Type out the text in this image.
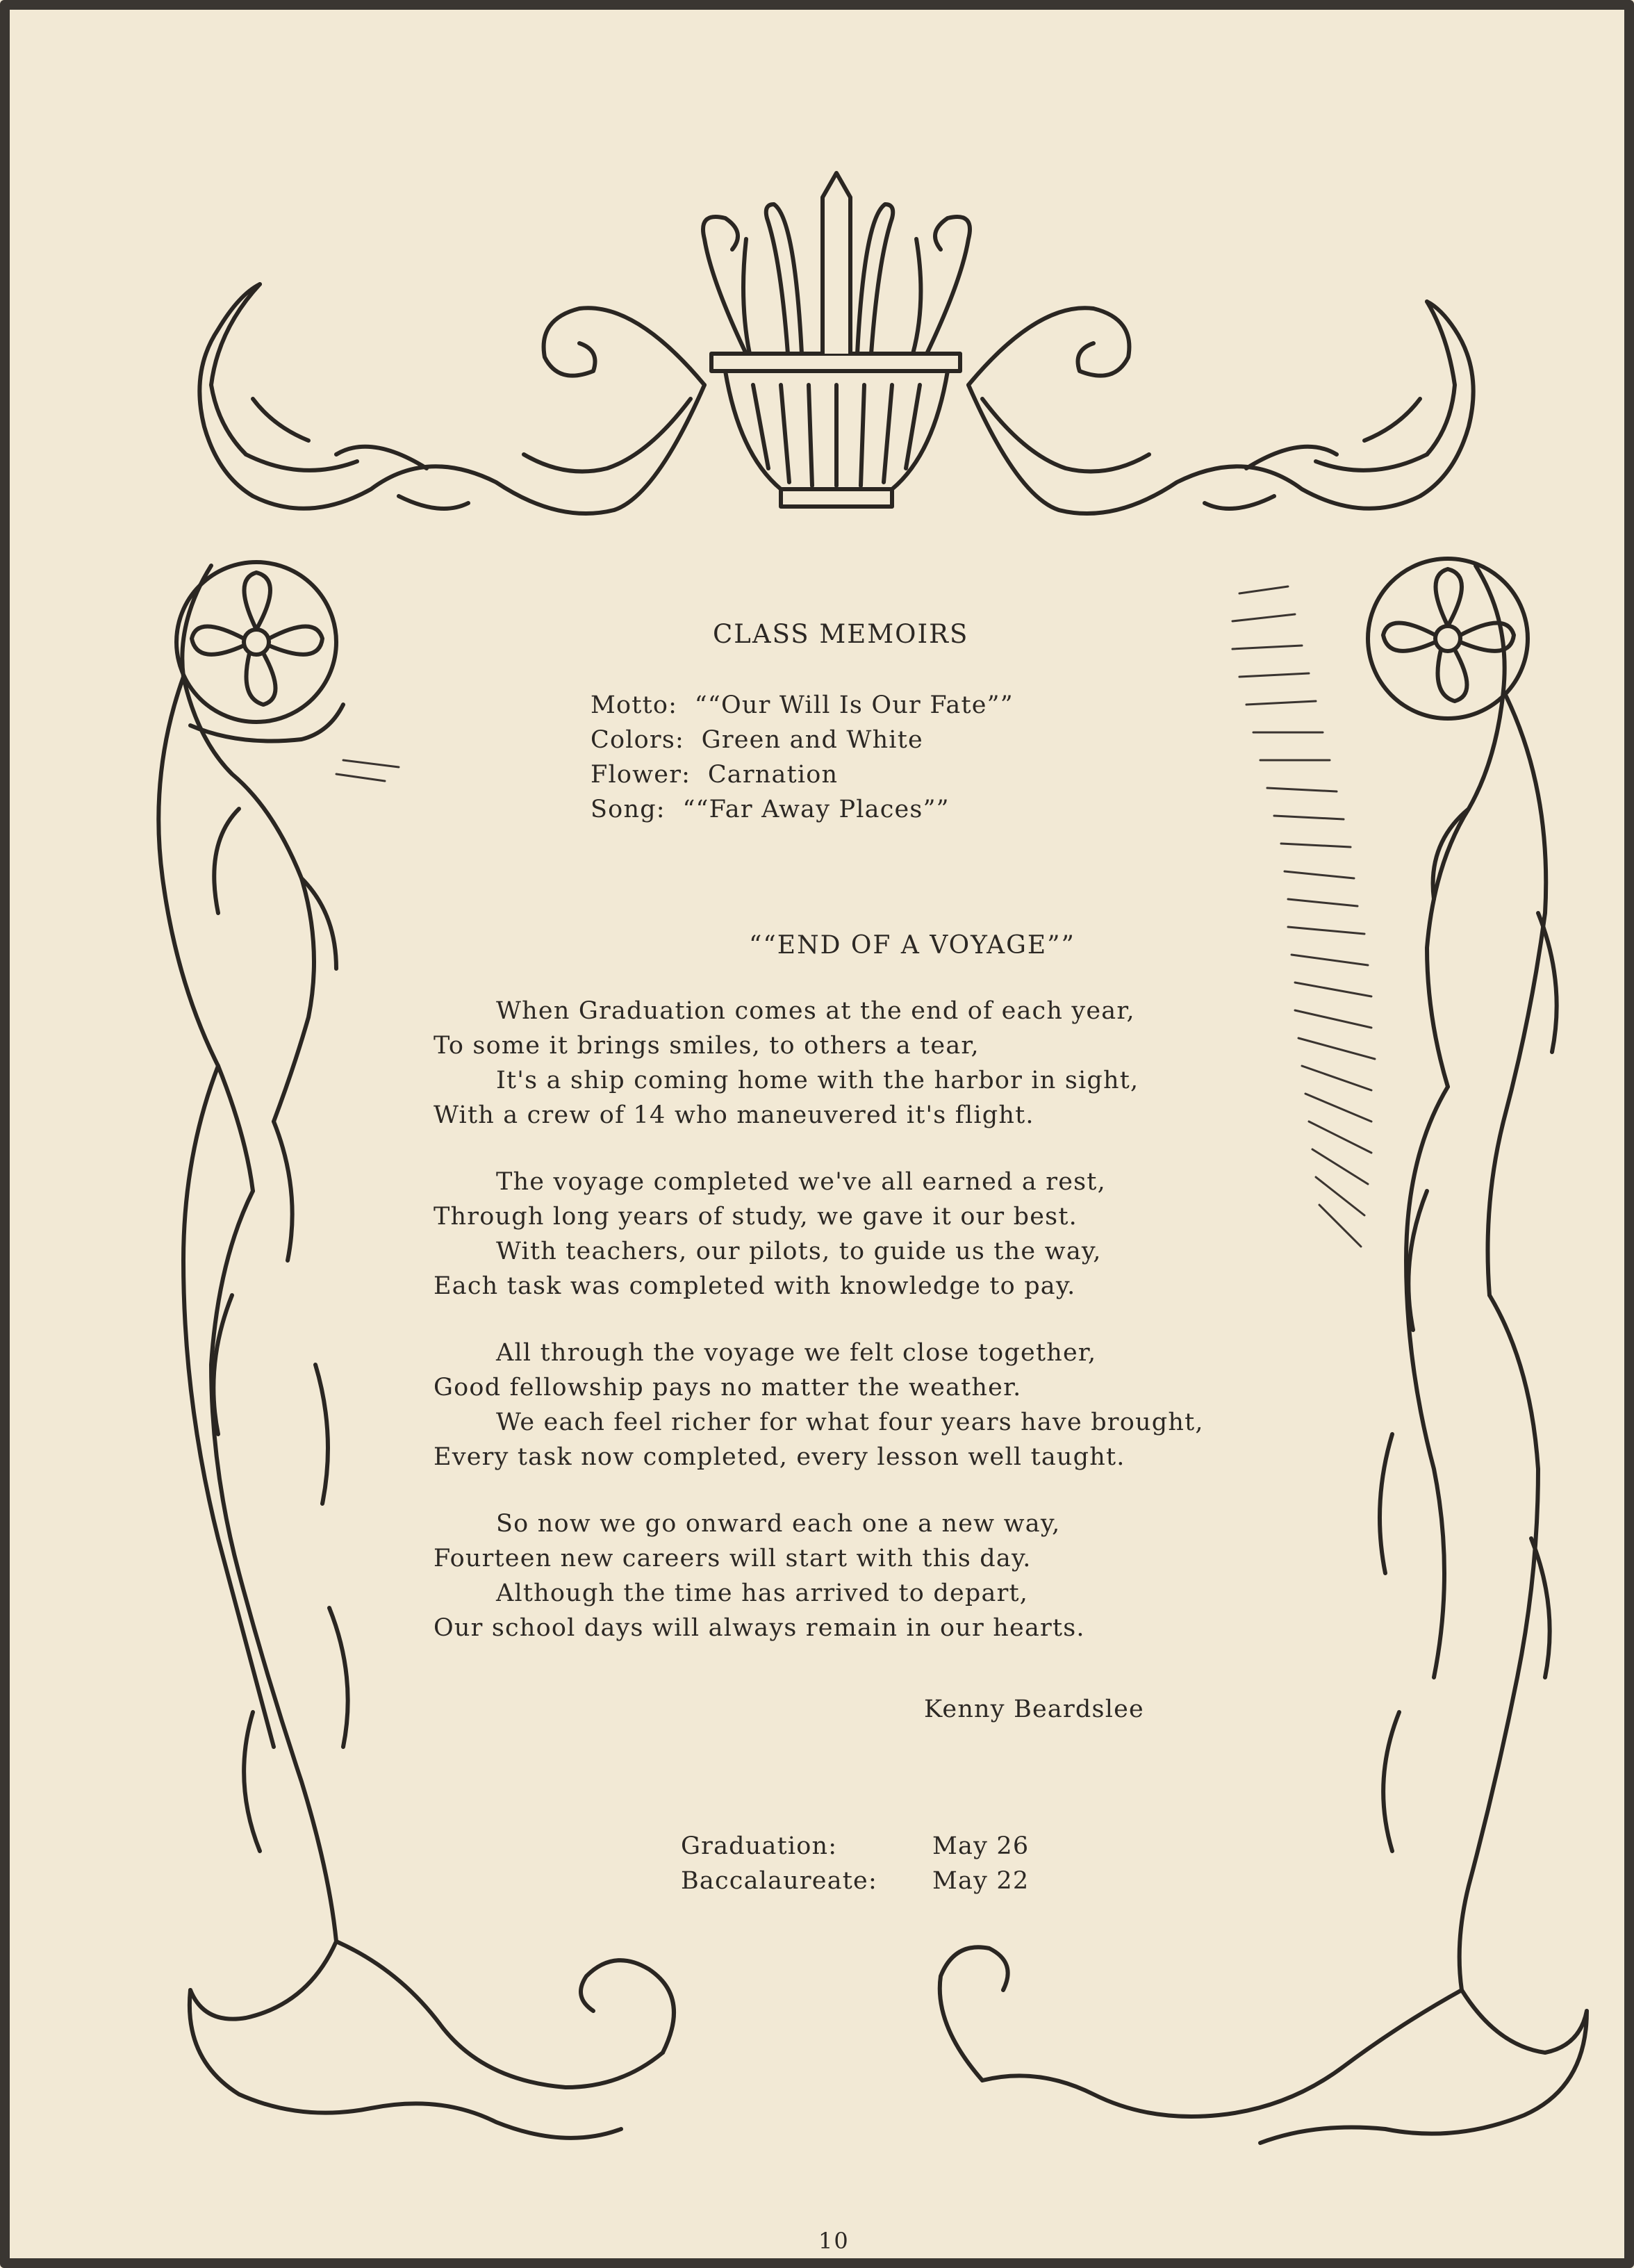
CLASS MEMOIRS
Motto: ““Our Will Is Our Fate””
Colors: Green and White
Flower: Carnation
Song: ““Far Away Places””
““END OF A VOYAGE””
When Graduation comes at the end of each year,
To some it brings smiles, to others a tear,
It's a ship coming home with the harbor in sight,
With a crew of 14 who maneuvered it's flight.
The voyage completed we've all earned a rest,
Through long years of study, we gave it our best.
With teachers, our pilots, to guide us the way,
Each task was completed with knowledge to pay.
All through the voyage we felt close together,
Good fellowship pays no matter the weather.
We each feel richer for what four years have brought,
Every task now completed, every lesson well taught.
So now we go onward each one a new way,
Fourteen new careers will start with this day.
Although the time has arrived to depart,
Our school days will always remain in our hearts.
Kenny Beardslee
Graduation:	May 26
Baccalaureate: May 22
10
